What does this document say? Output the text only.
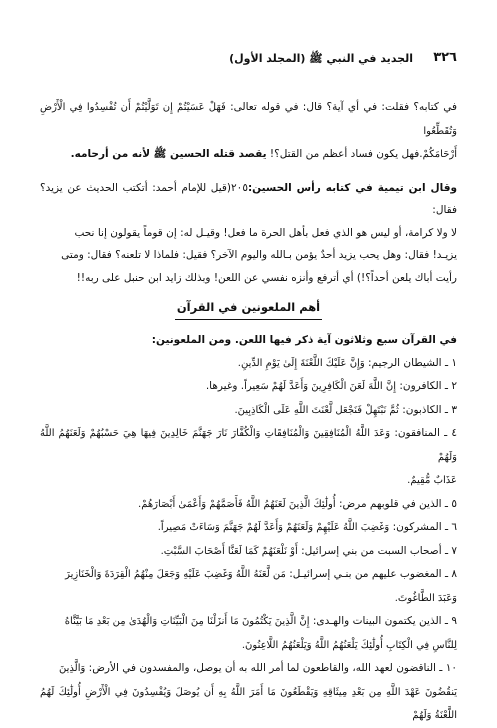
٣٢٦
الجديد في النبي ﷺ (المجلد الأول)

في كتابه؟ فقلت: في أي آية؟ قال: في قوله تعالى: فَهَلْ عَسَيْتُمْ إِن تَوَلَّيْتُمْ أَن تُفْسِدُوا فِي الْأَرْضِ وَتُقَطِّعُوا
أَرْحَامَكُمْ.فهل يكون فساد أعظم من القتل؟! يقصد قتله الحسين ﷺ لأنه من أرحامه.

وقال ابن تيمية في كتابه رأس الحسين:٢٠٥(قيل للإمام أحمد: أتكتب الحديث عن يزيد؟ فقال:
لا ولا كرامة، أو ليس هو الذي فعل بأهل الحرة ما فعل! وقيـل له: إن قوماً يقولون إنا نحب
يزيـد! فقال: وهل يحب يزيد أحدٌ يؤمن بـالله واليوم الآخر؟ فقيل: فلماذا لا تلعنه؟ فقال: ومتى
رأيت أباك يلعن أحداً؟!) أي أترفع وأنزه نفسي عن اللعن! وبذلك زايد ابن حنبل على ربه!!

أهم الملعونين في القرآن

في القرآن سبع وثلاثون آية ذكر فيها اللعن. ومن الملعونين:

١ ـ الشيطان الرجيم: وَإِنَّ عَلَيْكَ اللَّعْنَةَ إِلَىٰ يَوْمِ الدِّينِ.

٢ ـ الكافرون: إِنَّ اللَّهَ لَعَنَ الْكَافِرِينَ وَأَعَدَّ لَهُمْ سَعِيراً. وغيرها.

٣ ـ الكاذبون: ثُمَّ نَبْتَهِلْ فَنَجْعَل لَّعْنَتَ اللَّهِ عَلَى الْكَاذِبِينَ.

٤ ـ المنافقون: وَعَدَ اللَّهُ الْمُنَافِقِينَ وَالْمُنَافِقَاتِ وَالْكُفَّارَ نَارَ جَهَنَّمَ خَالِدِينَ فِيهَا هِيَ حَسْبُهُمْ وَلَعَنَهُمُ اللَّهُ وَلَهُمْ
عَذَابٌ مُّقِيمٌ.

٥ ـ الذين في قلوبهم مرض: أُولَٰئِكَ الَّذِينَ لَعَنَهُمُ اللَّهُ فَأَصَمَّهُمْ وَأَعْمَىٰ أَبْصَارَهُمْ.

٦ ـ المشركون: وَغَضِبَ اللَّهُ عَلَيْهِمْ وَلَعَنَهُمْ وَأَعَدَّ لَهُمْ جَهَنَّمَ وَسَاءَتْ مَصِيراً.

٧ ـ أصحاب السبت من بني إسرائيل: أَوْ نَلْعَنَهُمْ كَمَا لَعَنَّا أَصْحَابَ السَّبْتِ.

٨ ـ المغضوب عليهم من بنـي إسرائيـل: مَن لَّعَنَهُ اللَّهُ وَغَضِبَ عَلَيْهِ وَجَعَلَ مِنْهُمُ الْقِرَدَةَ وَالْخَنَازِيرَ
وَعَبَدَ الطَّاغُوتَ.

٩ ـ الذين يكتمون البينات والهـدى: إِنَّ الَّذِينَ يَكْتُمُونَ مَا أَنزَلْنَا مِنَ الْبَيِّنَاتِ وَالْهُدَىٰ مِن بَعْدِ مَا بَيَّنَّاهُ
لِلنَّاسِ فِي الْكِتَابِ أُولَٰئِكَ يَلْعَنُهُمُ اللَّهُ وَيَلْعَنُهُمُ اللَّاعِنُونَ.

١٠ ـ الناقضون لعهد الله، والقاطعون لما أمر الله به أن يوصل، والمفسدون في الأرض: وَالَّذِينَ
يَنقُضُونَ عَهْدَ اللَّهِ مِن بَعْدِ مِيثَاقِهِ وَيَقْطَعُونَ مَا أَمَرَ اللَّهُ بِهِ أَن يُوصَلَ وَيُفْسِدُونَ فِي الْأَرْضِ أُولَٰئِكَ لَهُمُ اللَّعْنَةُ وَلَهُمْ
